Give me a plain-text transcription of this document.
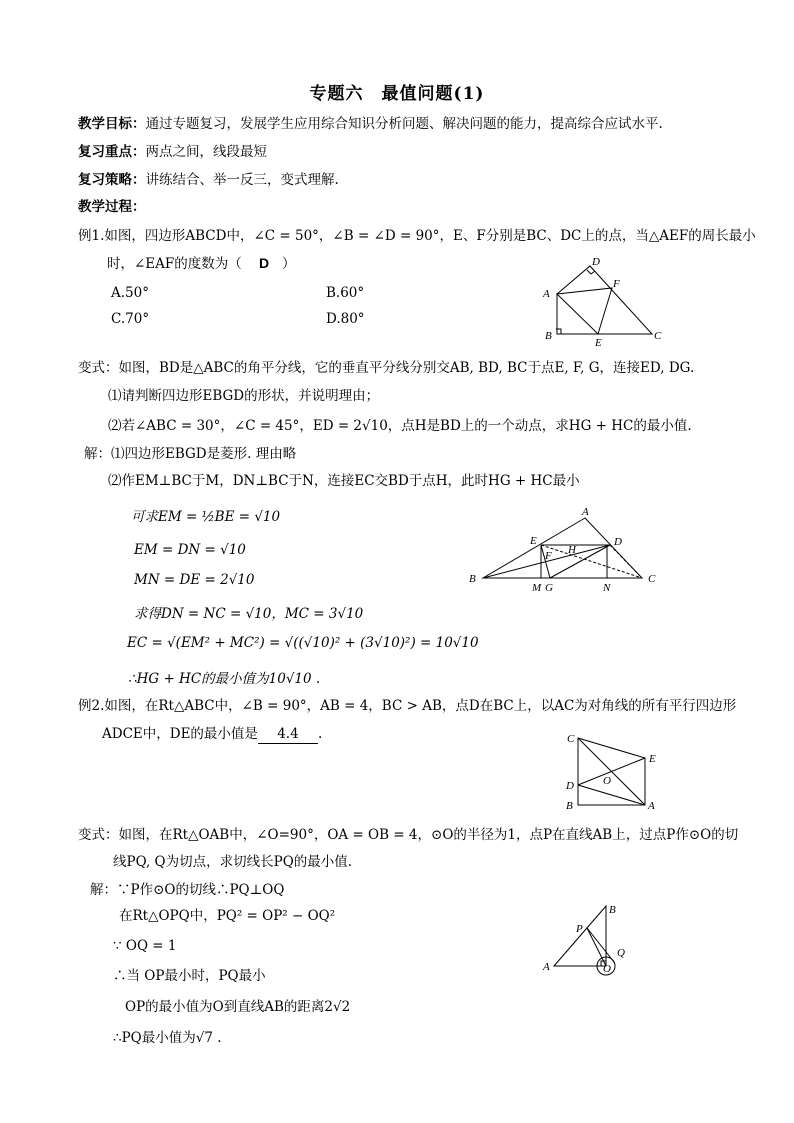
专题六　最值问题(1)
教学目标：通过专题复习，发展学生应用综合知识分析问题、解决问题的能力，提高综合应试水平.
复习重点：两点之间，线段最短
复习策略：讲练结合、举一反三，变式理解.
教学过程：
例1.如图，四边形ABCD中，∠C = 50°，∠B = ∠D = 90°，E、F分别是BC、DC上的点，当△AEF的周长最小
时，∠EAF的度数为（ D ）
A.50°	B.60°
C.70°	D.80°
D
F
A
B
E
C
变式：如图，BD是△ABC的角平分线，它的垂直平分线分别交AB, BD, BC于点E, F, G，连接ED, DG.
⑴请判断四边形EBGD的形状，并说明理由；
⑵若∠ABC = 30°，∠C = 45°，ED = 2√10，点H是BD上的一个动点，求HG + HC的最小值.
解：⑴四边形EBGD是菱形. 理由略
⑵作EM⊥BC于M，DN⊥BC于N，连接EC交BD于点H，此时HG + HC最小
可求EM = ½BE = √10
EM = DN = √10
MN = DE = 2√10
求得DN = NC = √10，MC = 3√10
EC = √(EM² + MC²) = √((√10)² + (3√10)²) = 10√10
∴HG + HC的最小值为10√10 .
A
E	D
F H
B
M G	N
C
例2.如图，在Rt△ABC中，∠B = 90°，AB = 4，BC > AB，点D在BC上，以AC为对角线的所有平行四边形
ADCE中，DE的最小值是 4.4 .	C
E
O
D
B	A
变式：如图，在Rt△OAB中，∠O=90°，OA = OB = 4，⊙O的半径为1，点P在直线AB上，过点P作⊙O的切
线PQ, Q为切点，求切线长PQ的最小值.
解：∵P作⊙O的切线∴PQ⊥OQ
在Rt△OPQ中，PQ² = OP² − OQ²
∵ OQ = 1
∴当 OP最小时，PQ最小
OP的最小值为O到直线AB的距离2√2
∴PQ最小值为√7 .
B
P
Q
A	O
